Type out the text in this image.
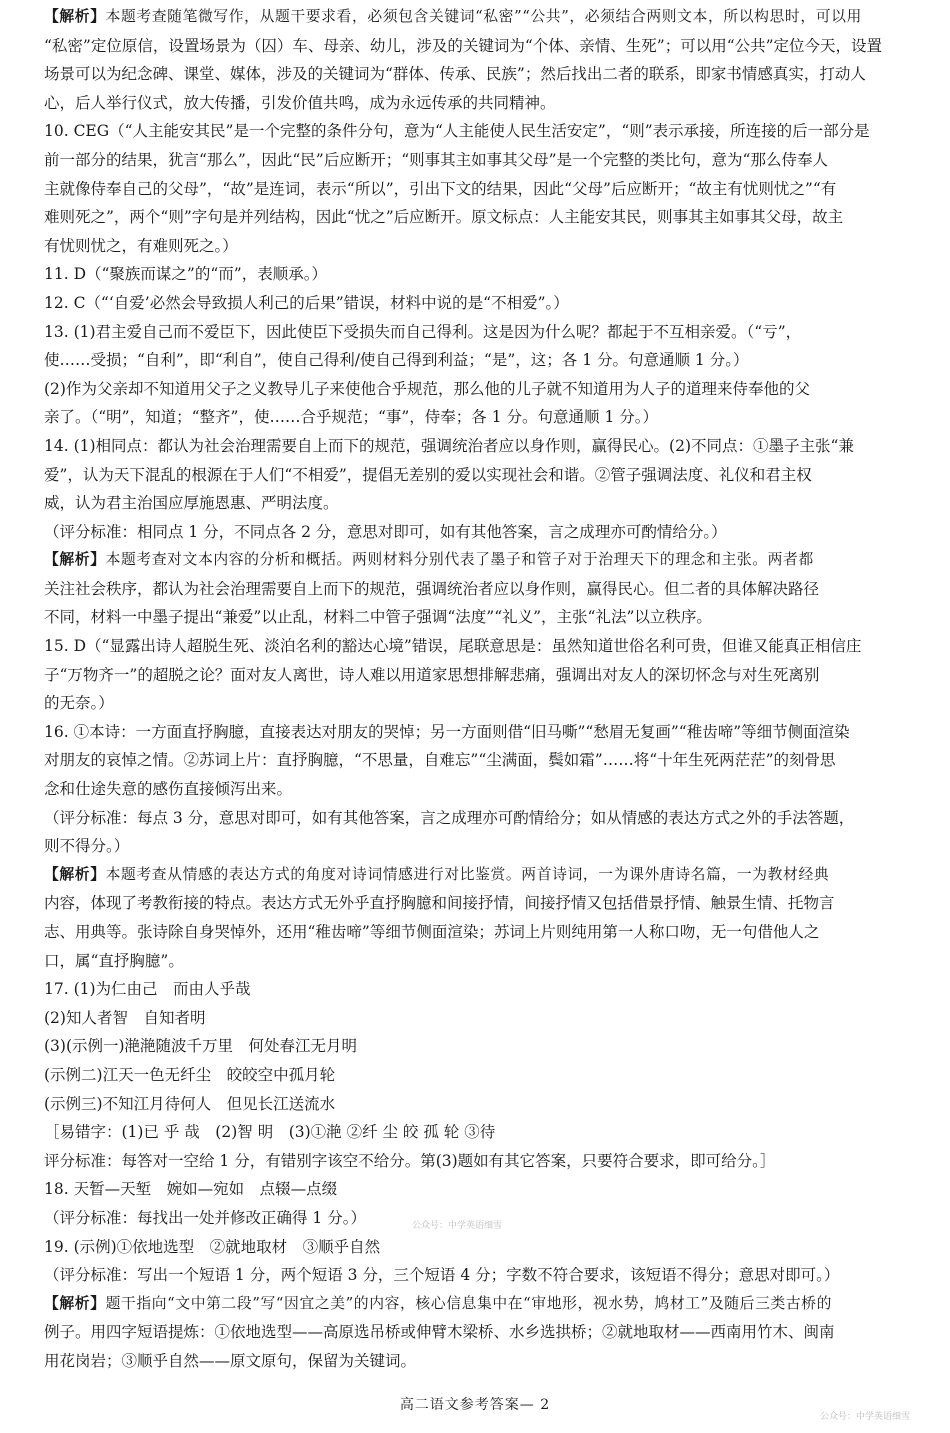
【解析】本题考查随笔微写作，从题干要求看，必须包含关键词“私密”“公共”，必须结合两则文本，所以构思时，可以用
“私密”定位原信，设置场景为（囚）车、母亲、幼儿，涉及的关键词为“个体、亲情、生死”；可以用“公共”定位今天，设置
场景可以为纪念碑、课堂、媒体，涉及的关键词为“群体、传承、民族”；然后找出二者的联系，即家书情感真实，打动人
心，后人举行仪式，放大传播，引发价值共鸣，成为永远传承的共同精神。
10. CEG（“人主能安其民”是一个完整的条件分句，意为“人主能使人民生活安定”，“则”表示承接，所连接的后一部分是
前一部分的结果，犹言“那么”，因此“民”后应断开；“则事其主如事其父母”是一个完整的类比句，意为“那么侍奉人
主就像侍奉自己的父母”，“故”是连词，表示“所以”，引出下文的结果，因此“父母”后应断开；“故主有忧则忧之”“有
难则死之”，两个“则”字句是并列结构，因此“忧之”后应断开。原文标点：人主能安其民，则事其主如事其父母，故主
有忧则忧之，有难则死之。）
11. D（“聚族而谋之”的“而”，表顺承。）
12. C（“‘自爱’必然会导致损人利己的后果”错误，材料中说的是“不相爱”。）
13. (1)君主爱自己而不爱臣下，因此使臣下受损失而自己得利。这是因为什么呢？都起于不互相亲爱。（“亏”，
使……受损；“自利”，即“利自”，使自己得利/使自己得到利益；“是”，这；各 1 分。句意通顺 1 分。）
(2)作为父亲却不知道用父子之义教导儿子来使他合乎规范，那么他的儿子就不知道用为人子的道理来侍奉他的父
亲了。（“明”，知道；“整齐”，使……合乎规范；“事”，侍奉；各 1 分。句意通顺 1 分。）
14. (1)相同点：都认为社会治理需要自上而下的规范，强调统治者应以身作则，赢得民心。(2)不同点：①墨子主张“兼
爱”，认为天下混乱的根源在于人们“不相爱”，提倡无差别的爱以实现社会和谐。②管子强调法度、礼仪和君主权
威，认为君主治国应厚施恩惠、严明法度。
（评分标准：相同点 1 分，不同点各 2 分，意思对即可，如有其他答案，言之成理亦可酌情给分。）
【解析】本题考查对文本内容的分析和概括。两则材料分别代表了墨子和管子对于治理天下的理念和主张。两者都
关注社会秩序，都认为社会治理需要自上而下的规范，强调统治者应以身作则，赢得民心。但二者的具体解决路径
不同，材料一中墨子提出“兼爱”以止乱，材料二中管子强调“法度”“礼义”，主张“礼法”以立秩序。
15. D（“显露出诗人超脱生死、淡泊名利的豁达心境”错误，尾联意思是：虽然知道世俗名利可贵，但谁又能真正相信庄
子“万物齐一”的超脱之论？面对友人离世，诗人难以用道家思想排解悲痛，强调出对友人的深切怀念与对生死离别
的无奈。）
16. ①本诗：一方面直抒胸臆，直接表达对朋友的哭悼；另一方面则借“旧马嘶”“愁眉无复画”“稚齿啼”等细节侧面渲染
对朋友的哀悼之情。②苏词上片：直抒胸臆，“不思量，自难忘”“尘满面，鬓如霜”……将“十年生死两茫茫”的刻骨思
念和仕途失意的感伤直接倾泻出来。
（评分标准：每点 3 分，意思对即可，如有其他答案，言之成理亦可酌情给分；如从情感的表达方式之外的手法答题，
则不得分。）
【解析】本题考查从情感的表达方式的角度对诗词情感进行对比鉴赏。两首诗词，一为课外唐诗名篇，一为教材经典
内容，体现了考教衔接的特点。表达方式无外乎直抒胸臆和间接抒情，间接抒情又包括借景抒情、触景生情、托物言
志、用典等。张诗除自身哭悼外，还用“稚齿啼”等细节侧面渲染；苏词上片则纯用第一人称口吻，无一句借他人之
口，属“直抒胸臆”。
17. (1)为仁由己　而由人乎哉
(2)知人者智　自知者明
(3)(示例一)滟滟随波千万里　何处春江无月明
(示例二)江天一色无纤尘　皎皎空中孤月轮
(示例三)不知江月待何人　但见长江送流水
［易错字：(1)已 乎 哉　(2)智 明　(3)①滟 ②纤 尘 皎 孤 轮 ③待
评分标准：每答对一空给 1 分，有错别字该空不给分。第(3)题如有其它答案，只要符合要求，即可给分。］
18. 天暂—天堑　婉如—宛如　点辍—点缀
（评分标准：每找出一处并修改正确得 1 分。）
19. (示例)①依地选型　②就地取材　③顺乎自然
（评分标准：写出一个短语 1 分，两个短语 3 分，三个短语 4 分；字数不符合要求，该短语不得分；意思对即可。）
【解析】题干指向“文中第二段”写“因宜之美”的内容，核心信息集中在“审地形，视水势，鸠材工”及随后三类古桥的
例子。用四字短语提炼：①依地选型——高原选吊桥或伸臂木梁桥、水乡选拱桥；②就地取材——西南用竹木、闽南
用花岗岩；③顺乎自然——原文原句，保留为关键词。
高二语文参考答案— 2
公众号：中学英语细雪
公众号：中学英语细雪
